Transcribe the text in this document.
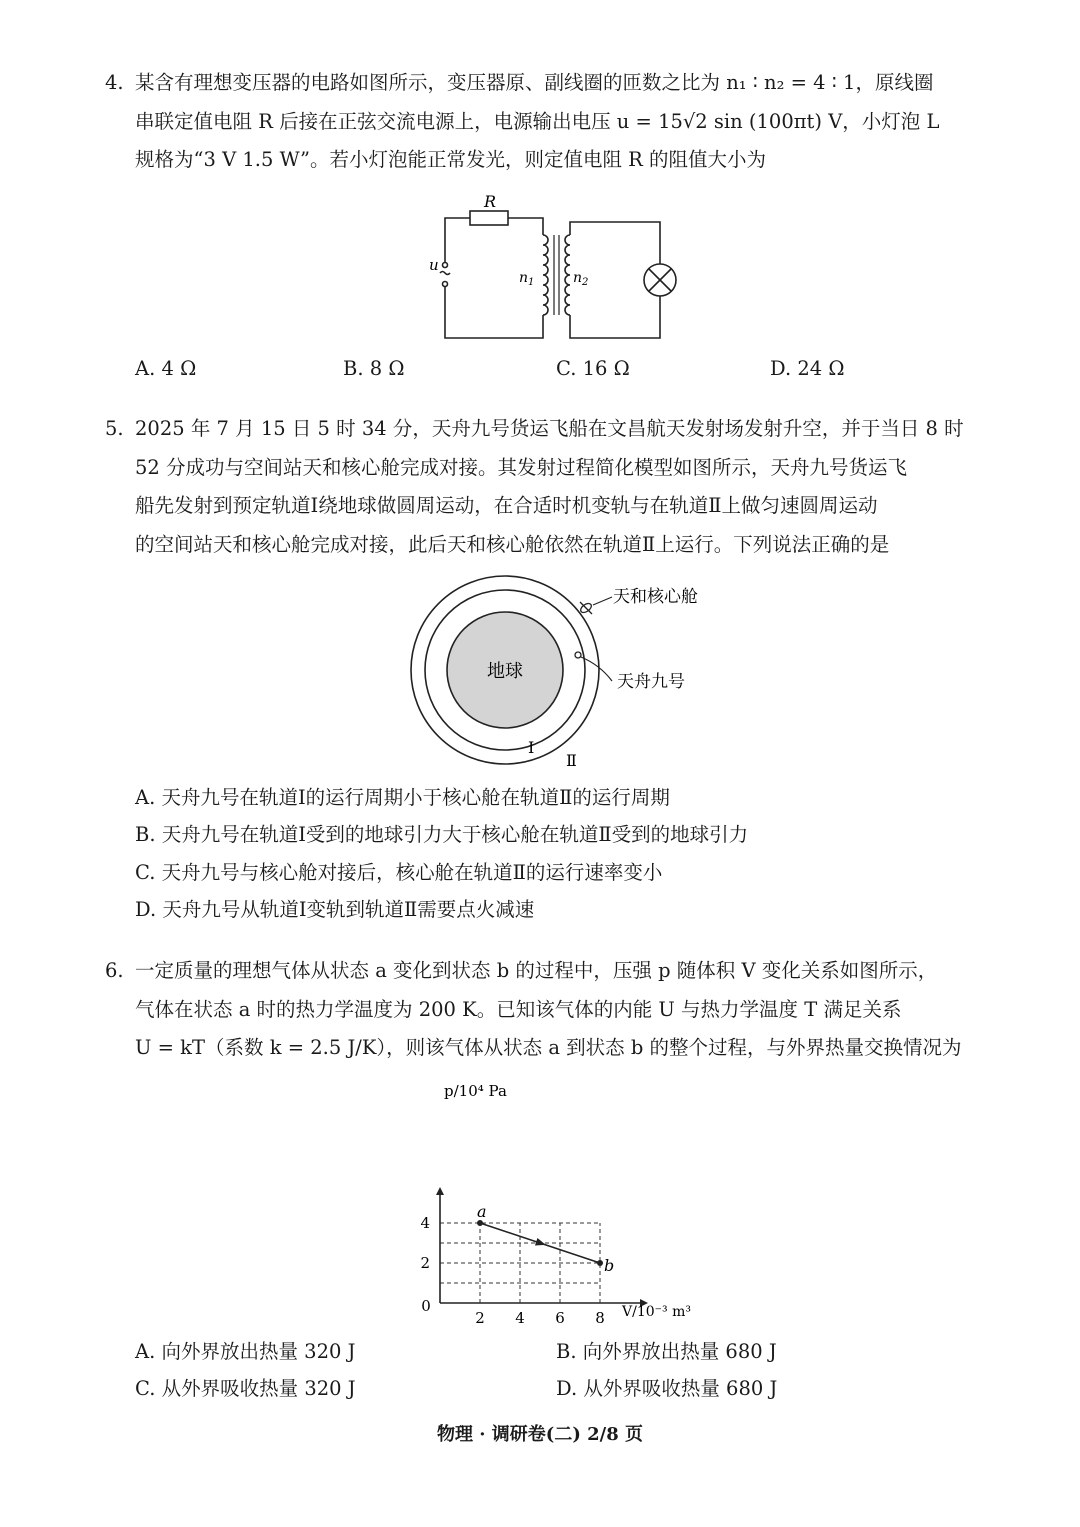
4. 某含有理想变压器的电路如图所示，变压器原、副线圈的匝数之比为 n₁ ∶ n₂ = 4 ∶ 1，原线圈
串联定值电阻 R 后接在正弦交流电源上，电源输出电压 u = 15√2 sin (100πt) V，小灯泡 L
规格为“3 V 1.5 W”。若小灯泡能正常发光，则定值电阻 R 的阻值大小为
R
u
$n_1$	$n_2$
A. 4 Ω	B. 8 Ω	C. 16 Ω	D. 24 Ω
5. 2025 年 7 月 15 日 5 时 34 分，天舟九号货运飞船在文昌航天发射场发射升空，并于当日 8 时
52 分成功与空间站天和核心舱完成对接。其发射过程简化模型如图所示，天舟九号货运飞
船先发射到预定轨道Ⅰ绕地球做圆周运动，在合适时机变轨与在轨道Ⅱ上做匀速圆周运动
的空间站天和核心舱完成对接，此后天和核心舱依然在轨道Ⅱ上运行。下列说法正确的是
地球
天和核心舱
天舟九号
Ⅰ
Ⅱ
A. 天舟九号在轨道Ⅰ的运行周期小于核心舱在轨道Ⅱ的运行周期
B. 天舟九号在轨道Ⅰ受到的地球引力大于核心舱在轨道Ⅱ受到的地球引力
C. 天舟九号与核心舱对接后，核心舱在轨道Ⅱ的运行速率变小
D. 天舟九号从轨道Ⅰ变轨到轨道Ⅱ需要点火减速
6. 一定质量的理想气体从状态 a 变化到状态 b 的过程中，压强 p 随体积 V 变化关系如图所示，
气体在状态 a 时的热力学温度为 200 K。已知该气体的内能 U 与热力学温度 T 满足关系
U = kT（系数 k = 2.5 J/K），则该气体从状态 a 到状态 b 的整个过程，与外界热量交换情况为
2 4 6 8
2
4
a
b
p/10⁴ Pa
V/10⁻³ m³
0
A. 向外界放出热量 320 J	B. 向外界放出热量 680 J
C. 从外界吸收热量 320 J	D. 从外界吸收热量 680 J
物理 · 调研卷(二) 2/8 页
